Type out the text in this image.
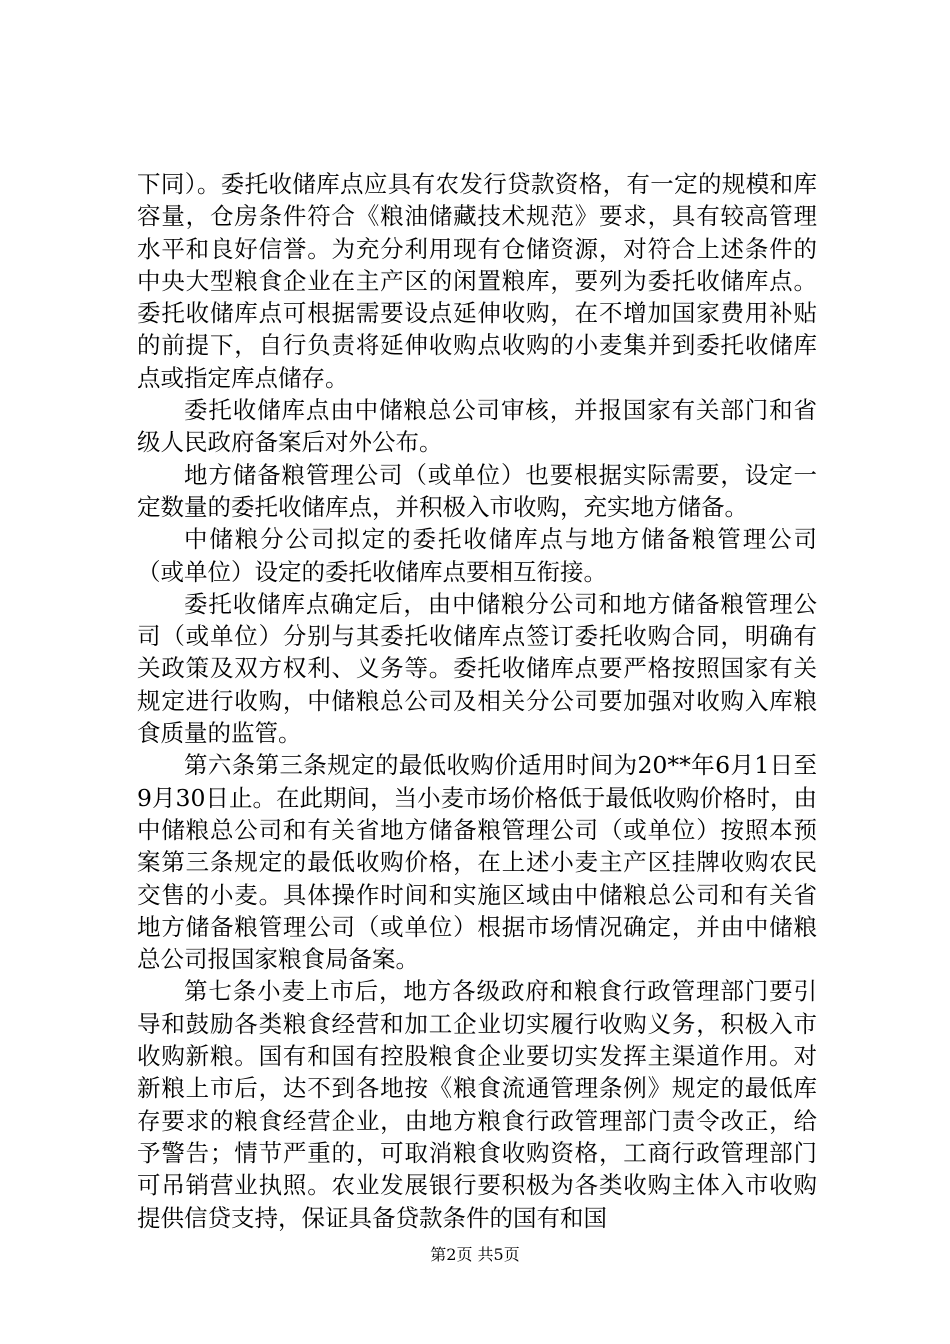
下同）。委托收储库点应具有农发行贷款资格，有一定的规模和库容量，仓房条件符合《粮油储藏技术规范》要求，具有较高管理水平和良好信誉。为充分利用现有仓储资源，对符合上述条件的中央大型粮食企业在主产区的闲置粮库，要列为委托收储库点。委托收储库点可根据需要设点延伸收购，在不增加国家费用补贴的前提下，自行负责将延伸收购点收购的小麦集并到委托收储库点或指定库点储存。

委托收储库点由中储粮总公司审核，并报国家有关部门和省级人民政府备案后对外公布。

地方储备粮管理公司（或单位）也要根据实际需要，设定一定数量的委托收储库点，并积极入市收购，充实地方储备。

中储粮分公司拟定的委托收储库点与地方储备粮管理公司（或单位）设定的委托收储库点要相互衔接。

委托收储库点确定后，由中储粮分公司和地方储备粮管理公司（或单位）分别与其委托收储库点签订委托收购合同，明确有关政策及双方权利、义务等。委托收储库点要严格按照国家有关规定进行收购，中储粮总公司及相关分公司要加强对收购入库粮食质量的监管。

第六条第三条规定的最低收购价适用时间为20**年6月1日至9月30日止。在此期间，当小麦市场价格低于最低收购价格时，由中储粮总公司和有关省地方储备粮管理公司（或单位）按照本预案第三条规定的最低收购价格，在上述小麦主产区挂牌收购农民交售的小麦。具体操作时间和实施区域由中储粮总公司和有关省地方储备粮管理公司（或单位）根据市场情况确定，并由中储粮总公司报国家粮食局备案。

第七条小麦上市后，地方各级政府和粮食行政管理部门要引导和鼓励各类粮食经营和加工企业切实履行收购义务，积极入市收购新粮。国有和国有控股粮食企业要切实发挥主渠道作用。对新粮上市后，达不到各地按《粮食流通管理条例》规定的最低库存要求的粮食经营企业，由地方粮食行政管理部门责令改正，给予警告；情节严重的，可取消粮食收购资格，工商行政管理部门可吊销营业执照。农业发展银行要积极为各类收购主体入市收购提供信贷支持，保证具备贷款条件的国有和国

第2页 共5页
